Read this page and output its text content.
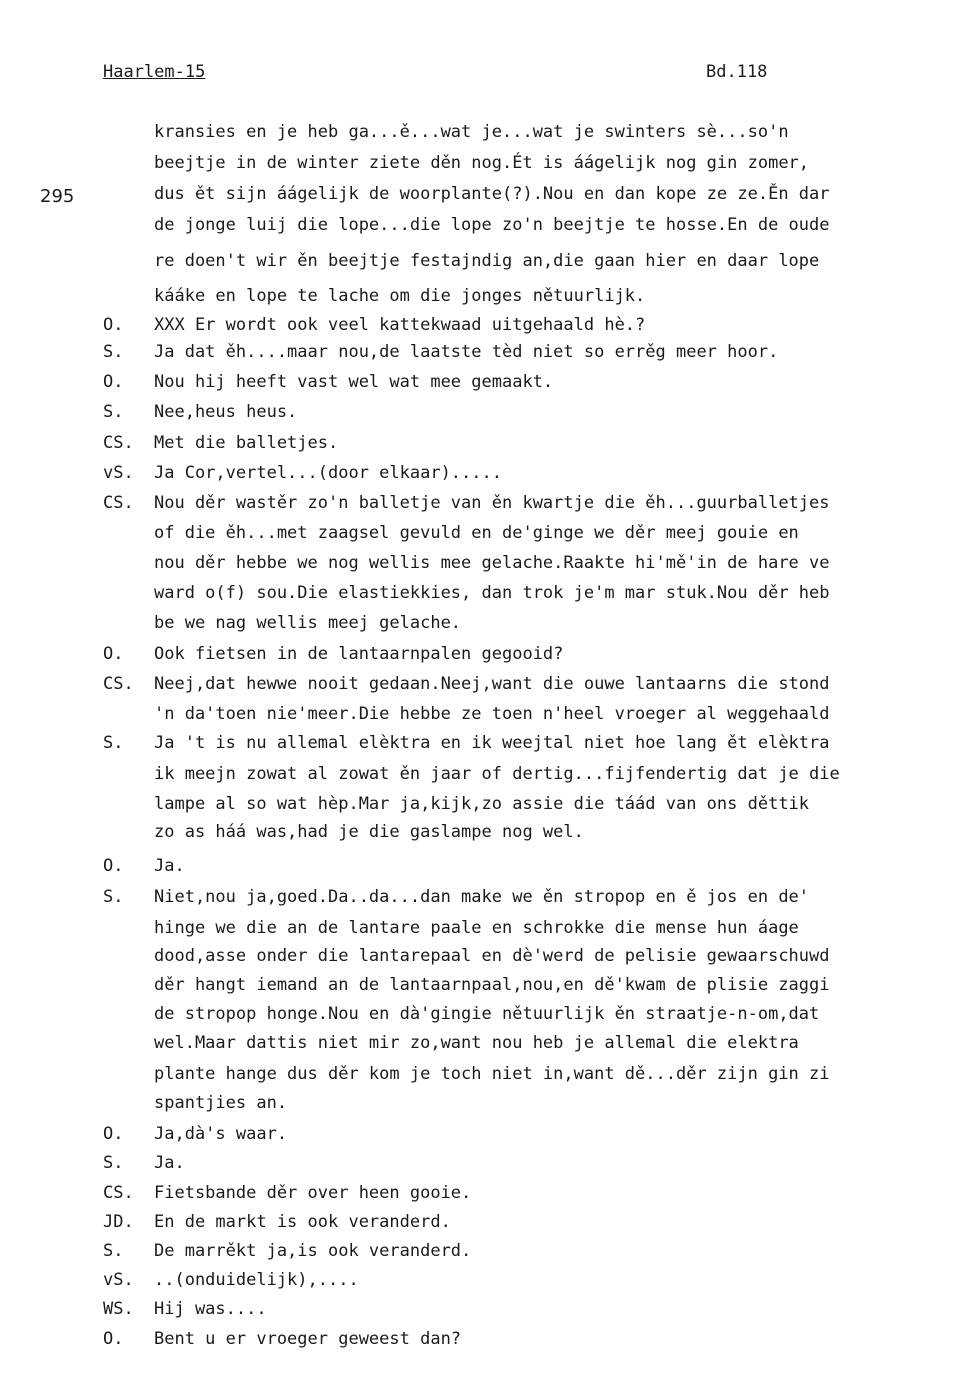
Haarlem-15	Bd.118
295
kransies en je heb ga...ě...wat je...wat je swinters sè...so'n
beejtje in de winter ziete děn nog.Ét is áágelijk nog gin zomer,
dus ět sijn áágelijk de woorplante(?).Nou en dan kope ze ze.Ěn dar
de jonge luij die lope...die lope zo'n beejtje te hosse.En de oude
re doen't wir ěn beejtje festajndig an,die gaan hier en daar lope
kááke en lope te lache om die jonges nětuurlijk.
O. XXX Er wordt ook veel kattekwaad uitgehaald hè.?
S. Ja dat ěh....maar nou,de laatste tèd niet so errěg meer hoor.
O. Nou hij heeft vast wel wat mee gemaakt.
S. Nee,heus heus.
CS. Met die balletjes.
vS. Ja Cor,vertel...(door elkaar).....
CS. Nou děr wastěr zo'n balletje van ěn kwartje die ěh...guurballetjes
of die ěh...met zaagsel gevuld en de'ginge we děr meej gouie en
nou děr hebbe we nog wellis mee gelache.Raakte hi'mě'in de hare ve
ward o(f) sou.Die elastiekkies, dan trok je'm mar stuk.Nou děr heb
be we nag wellis meej gelache.
O. Ook fietsen in de lantaarnpalen gegooid?
CS. Neej,dat hewwe nooit gedaan.Neej,want die ouwe lantaarns die stond
'n da'toen nie'meer.Die hebbe ze toen n'heel vroeger al weggehaald
S. Ja 't is nu allemal elèktra en ik weejtal niet hoe lang ět elèktra
ik meejn zowat al zowat ěn jaar of dertig...fijfendertig dat je die
lampe al so wat hèp.Mar ja,kijk,zo assie die táád van ons děttik
zo as háá was,had je die gaslampe nog wel.
O. Ja.
S. Niet,nou ja,goed.Da..da...dan make we ěn stropop en ě jos en de'
hinge we die an de lantare paale en schrokke die mense hun áage
dood,asse onder die lantarepaal en dè'werd de pelisie gewaarschuwd
děr hangt iemand an de lantaarnpaal,nou,en dě'kwam de plisie zaggi
de stropop honge.Nou en dà'gingie nětuurlijk ěn straatje-n-om,dat
wel.Maar dattis niet mir zo,want nou heb je allemal die elektra
plante hange dus děr kom je toch niet in,want dě...děr zijn gin zi
spantjies an.
O. Ja,dà's waar.
S. Ja.
CS. Fietsbande děr over heen gooie.
JD. En de markt is ook veranderd.
S. De marrěkt ja,is ook veranderd.
vS. ..(onduidelijk),....
WS. Hij was....
O. Bent u er vroeger geweest dan?
